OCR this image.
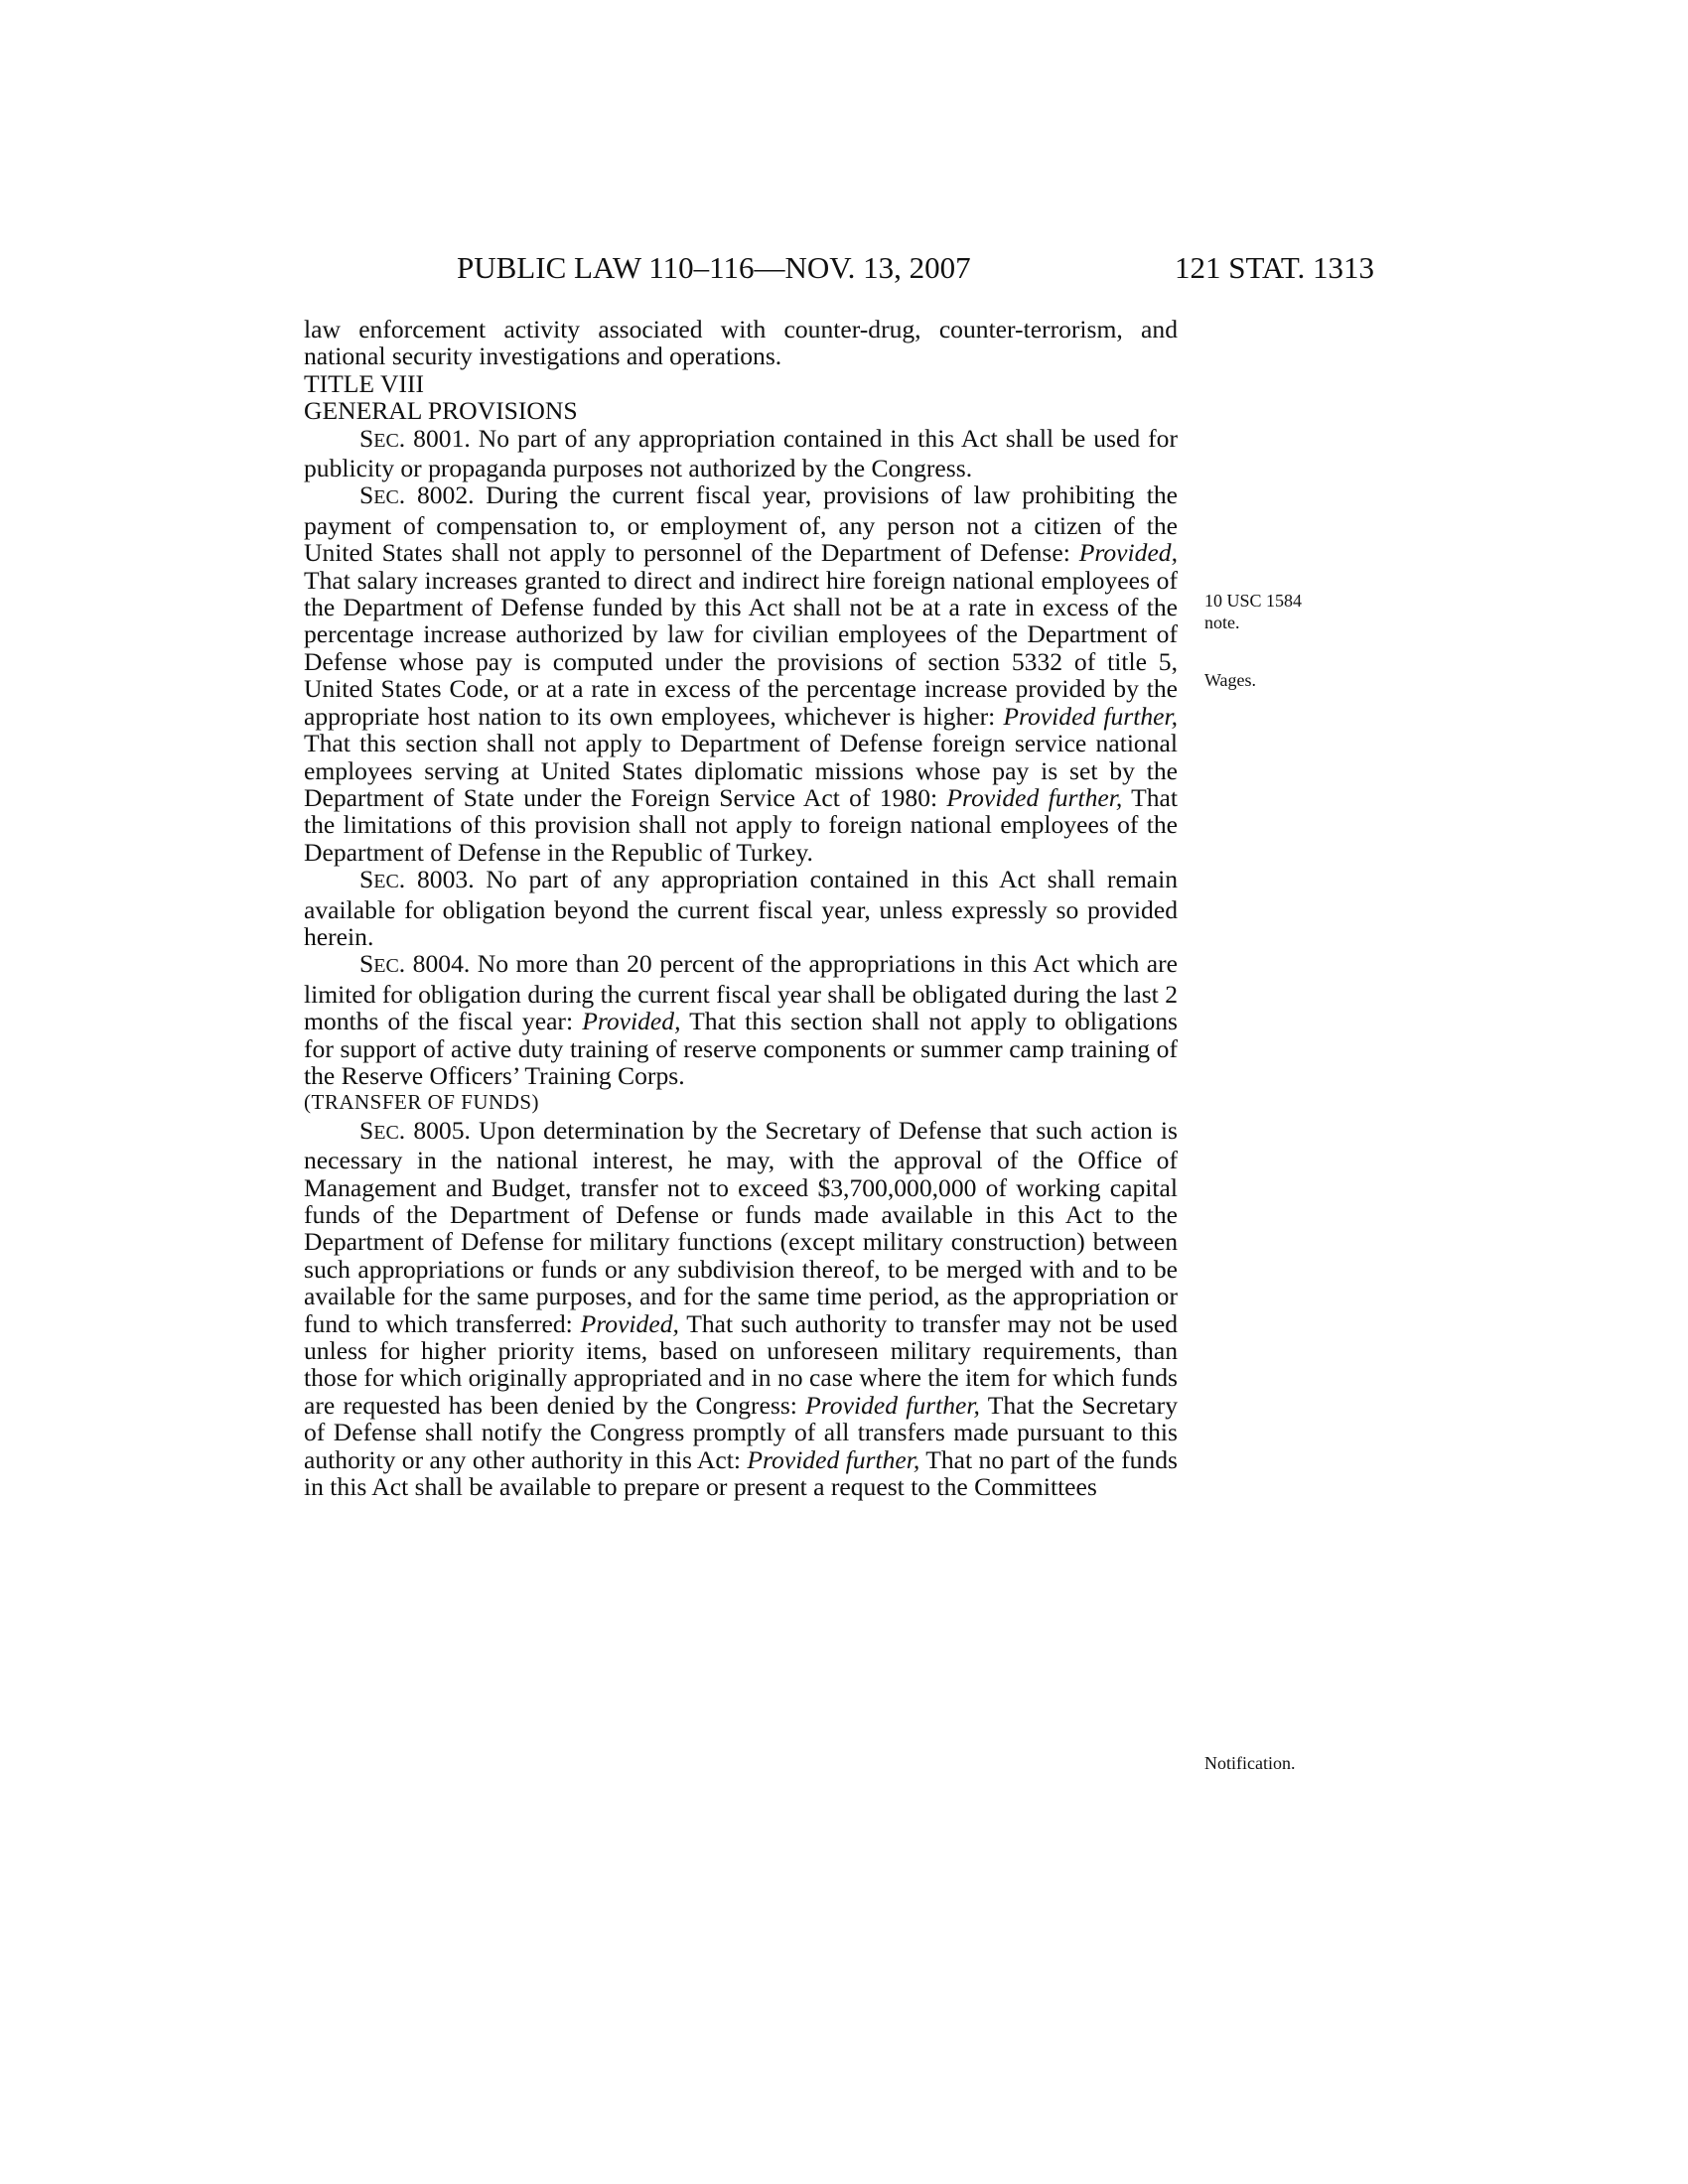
PUBLIC LAW 110–116—NOV. 13, 2007	121 STAT. 1313

law enforcement activity associated with counter-drug, counter-terrorism, and national security investigations and operations.

TITLE VIII

GENERAL PROVISIONS

SEC. 8001. No part of any appropriation contained in this Act shall be used for publicity or propaganda purposes not authorized by the Congress.

SEC. 8002. During the current fiscal year, provisions of law prohibiting the payment of compensation to, or employment of, any person not a citizen of the United States shall not apply to personnel of the Department of Defense: Provided, That salary increases granted to direct and indirect hire foreign national employees of the Department of Defense funded by this Act shall not be at a rate in excess of the percentage increase authorized by law for civilian employees of the Department of Defense whose pay is computed under the provisions of section 5332 of title 5, United States Code, or at a rate in excess of the percentage increase provided by the appropriate host nation to its own employees, whichever is higher: Provided further, That this section shall not apply to Department of Defense foreign service national employees serving at United States diplomatic missions whose pay is set by the Department of State under the Foreign Service Act of 1980: Provided further, That the limitations of this provision shall not apply to foreign national employees of the Department of Defense in the Republic of Turkey.

SEC. 8003. No part of any appropriation contained in this Act shall remain available for obligation beyond the current fiscal year, unless expressly so provided herein.

SEC. 8004. No more than 20 percent of the appropriations in this Act which are limited for obligation during the current fiscal year shall be obligated during the last 2 months of the fiscal year: Provided, That this section shall not apply to obligations for support of active duty training of reserve components or summer camp training of the Reserve Officers’ Training Corps.

(TRANSFER OF FUNDS)

SEC. 8005. Upon determination by the Secretary of Defense that such action is necessary in the national interest, he may, with the approval of the Office of Management and Budget, transfer not to exceed $3,700,000,000 of working capital funds of the Department of Defense or funds made available in this Act to the Department of Defense for military functions (except military construction) between such appropriations or funds or any subdivision thereof, to be merged with and to be available for the same purposes, and for the same time period, as the appropriation or fund to which transferred: Provided, That such authority to transfer may not be used unless for higher priority items, based on unforeseen military requirements, than those for which originally appropriated and in no case where the item for which funds are requested has been denied by the Congress: Provided further, That the Secretary of Defense shall notify the Congress promptly of all transfers made pursuant to this authority or any other authority in this Act: Provided further, That no part of the funds in this Act shall be available to prepare or present a request to the Committees

10 USC 1584
note.
Wages.
Notification.
